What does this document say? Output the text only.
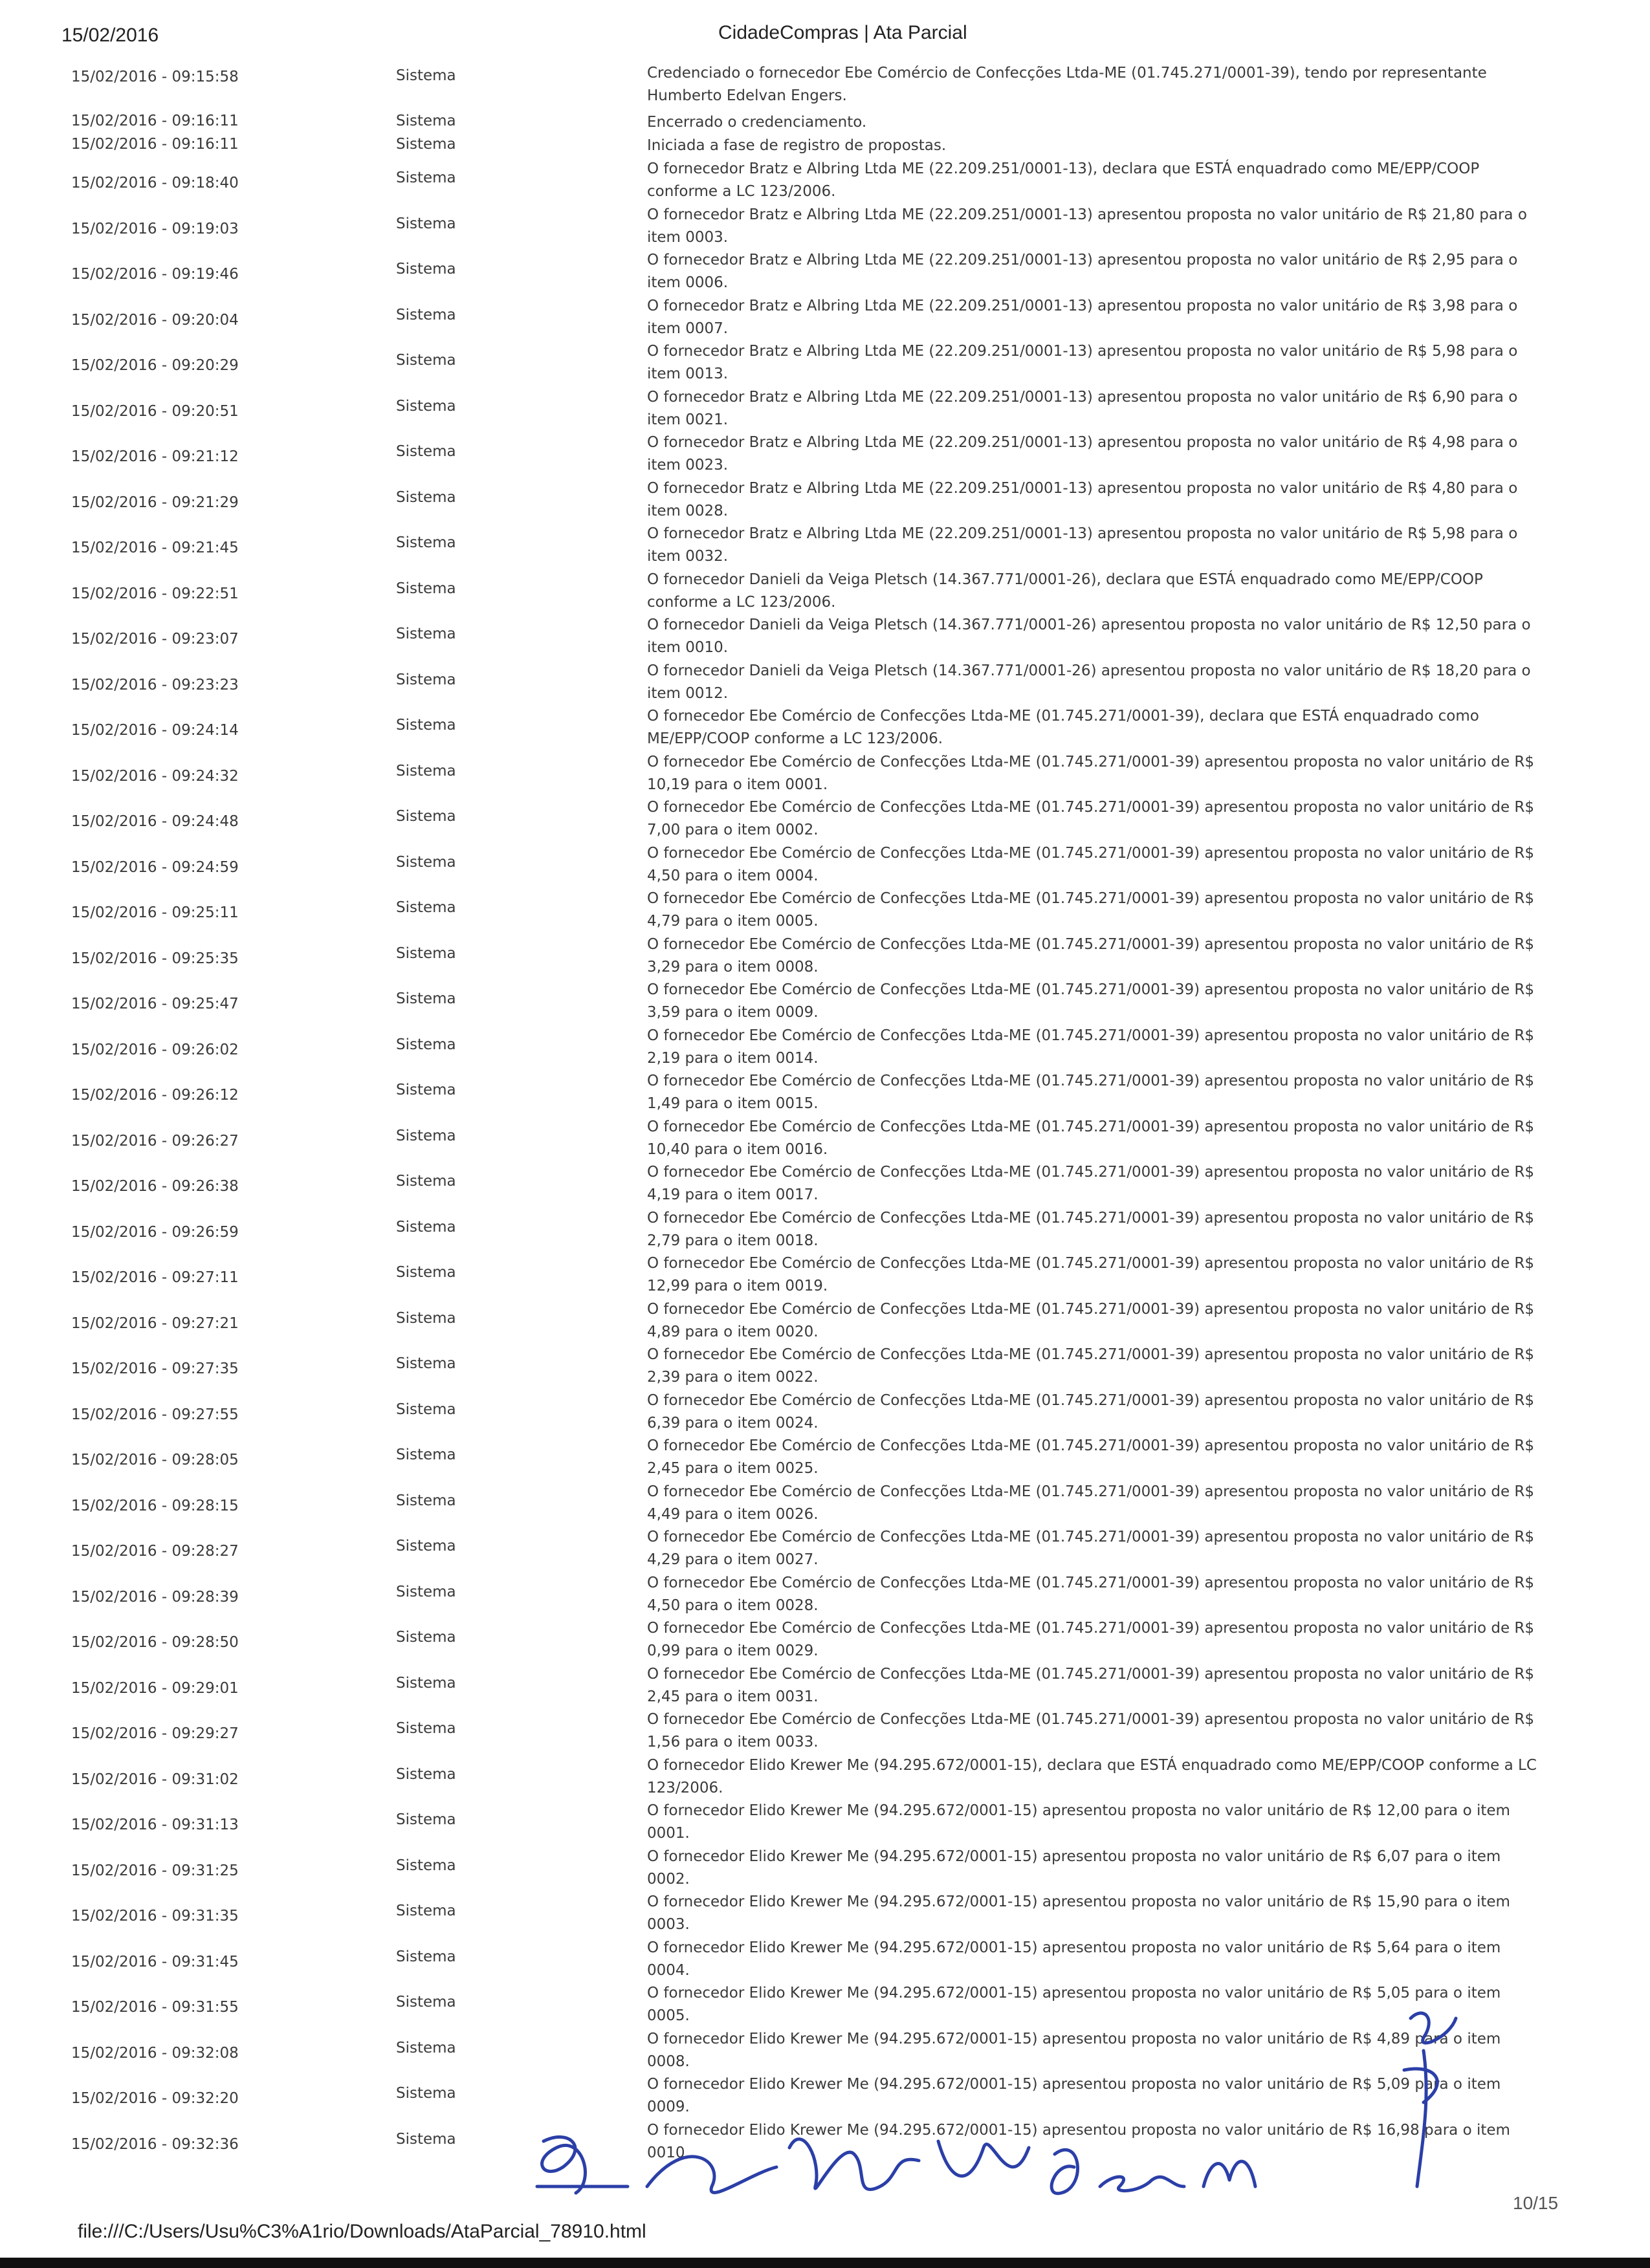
15/02/2016	CidadeCompras | Ata Parcial
15/02/2016 - 09:15:58	Sistema	Credenciado o fornecedor Ebe Comércio de Confecções Ltda-ME (01.745.271/0001-39), tendo por representante Humberto Edelvan Engers.
15/02/2016 - 09:16:11	Sistema	Encerrado o credenciamento.
15/02/2016 - 09:16:11	Sistema	Iniciada a fase de registro de propostas.
15/02/2016 - 09:18:40	Sistema
O fornecedor Bratz e Albring Ltda ME (22.209.251/0001-13), declara que ESTÁ enquadrado como ME/EPP/COOP conforme a LC 123/2006.
15/02/2016 - 09:19:03	Sistema
O fornecedor Bratz e Albring Ltda ME (22.209.251/0001-13) apresentou proposta no valor unitário de R$ 21,80 para o item 0003.
15/02/2016 - 09:19:46	Sistema
O fornecedor Bratz e Albring Ltda ME (22.209.251/0001-13) apresentou proposta no valor unitário de R$ 2,95 para o item 0006.
15/02/2016 - 09:20:04	Sistema
O fornecedor Bratz e Albring Ltda ME (22.209.251/0001-13) apresentou proposta no valor unitário de R$ 3,98 para o item 0007.
15/02/2016 - 09:20:29	Sistema
O fornecedor Bratz e Albring Ltda ME (22.209.251/0001-13) apresentou proposta no valor unitário de R$ 5,98 para o item 0013.
15/02/2016 - 09:20:51	Sistema
O fornecedor Bratz e Albring Ltda ME (22.209.251/0001-13) apresentou proposta no valor unitário de R$ 6,90 para o item 0021.
15/02/2016 - 09:21:12	Sistema
O fornecedor Bratz e Albring Ltda ME (22.209.251/0001-13) apresentou proposta no valor unitário de R$ 4,98 para o item 0023.
15/02/2016 - 09:21:29	Sistema
O fornecedor Bratz e Albring Ltda ME (22.209.251/0001-13) apresentou proposta no valor unitário de R$ 4,80 para o item 0028.
15/02/2016 - 09:21:45	Sistema
O fornecedor Bratz e Albring Ltda ME (22.209.251/0001-13) apresentou proposta no valor unitário de R$ 5,98 para o item 0032.
15/02/2016 - 09:22:51	Sistema
O fornecedor Danieli da Veiga Pletsch (14.367.771/0001-26), declara que ESTÁ enquadrado como ME/EPP/COOP conforme a LC 123/2006.
15/02/2016 - 09:23:07	Sistema
O fornecedor Danieli da Veiga Pletsch (14.367.771/0001-26) apresentou proposta no valor unitário de R$ 12,50 para o item 0010.
15/02/2016 - 09:23:23	Sistema
O fornecedor Danieli da Veiga Pletsch (14.367.771/0001-26) apresentou proposta no valor unitário de R$ 18,20 para o item 0012.
15/02/2016 - 09:24:14	Sistema
O fornecedor Ebe Comércio de Confecções Ltda-ME (01.745.271/0001-39), declara que ESTÁ enquadrado como ME/EPP/COOP conforme a LC 123/2006.
15/02/2016 - 09:24:32	Sistema
O fornecedor Ebe Comércio de Confecções Ltda-ME (01.745.271/0001-39) apresentou proposta no valor unitário de R$ 10,19 para o item 0001.
15/02/2016 - 09:24:48	Sistema
O fornecedor Ebe Comércio de Confecções Ltda-ME (01.745.271/0001-39) apresentou proposta no valor unitário de R$ 7,00 para o item 0002.
15/02/2016 - 09:24:59	Sistema
O fornecedor Ebe Comércio de Confecções Ltda-ME (01.745.271/0001-39) apresentou proposta no valor unitário de R$ 4,50 para o item 0004.
15/02/2016 - 09:25:11	Sistema
O fornecedor Ebe Comércio de Confecções Ltda-ME (01.745.271/0001-39) apresentou proposta no valor unitário de R$ 4,79 para o item 0005.
15/02/2016 - 09:25:35	Sistema
O fornecedor Ebe Comércio de Confecções Ltda-ME (01.745.271/0001-39) apresentou proposta no valor unitário de R$ 3,29 para o item 0008.
15/02/2016 - 09:25:47	Sistema
O fornecedor Ebe Comércio de Confecções Ltda-ME (01.745.271/0001-39) apresentou proposta no valor unitário de R$ 3,59 para o item 0009.
15/02/2016 - 09:26:02	Sistema
O fornecedor Ebe Comércio de Confecções Ltda-ME (01.745.271/0001-39) apresentou proposta no valor unitário de R$ 2,19 para o item 0014.
15/02/2016 - 09:26:12	Sistema
O fornecedor Ebe Comércio de Confecções Ltda-ME (01.745.271/0001-39) apresentou proposta no valor unitário de R$ 1,49 para o item 0015.
15/02/2016 - 09:26:27	Sistema
O fornecedor Ebe Comércio de Confecções Ltda-ME (01.745.271/0001-39) apresentou proposta no valor unitário de R$ 10,40 para o item 0016.
15/02/2016 - 09:26:38	Sistema
O fornecedor Ebe Comércio de Confecções Ltda-ME (01.745.271/0001-39) apresentou proposta no valor unitário de R$ 4,19 para o item 0017.
15/02/2016 - 09:26:59	Sistema
O fornecedor Ebe Comércio de Confecções Ltda-ME (01.745.271/0001-39) apresentou proposta no valor unitário de R$ 2,79 para o item 0018.
15/02/2016 - 09:27:11	Sistema
O fornecedor Ebe Comércio de Confecções Ltda-ME (01.745.271/0001-39) apresentou proposta no valor unitário de R$ 12,99 para o item 0019.
15/02/2016 - 09:27:21	Sistema
O fornecedor Ebe Comércio de Confecções Ltda-ME (01.745.271/0001-39) apresentou proposta no valor unitário de R$ 4,89 para o item 0020.
15/02/2016 - 09:27:35	Sistema
O fornecedor Ebe Comércio de Confecções Ltda-ME (01.745.271/0001-39) apresentou proposta no valor unitário de R$ 2,39 para o item 0022.
15/02/2016 - 09:27:55	Sistema
O fornecedor Ebe Comércio de Confecções Ltda-ME (01.745.271/0001-39) apresentou proposta no valor unitário de R$ 6,39 para o item 0024.
15/02/2016 - 09:28:05	Sistema
O fornecedor Ebe Comércio de Confecções Ltda-ME (01.745.271/0001-39) apresentou proposta no valor unitário de R$ 2,45 para o item 0025.
15/02/2016 - 09:28:15	Sistema
O fornecedor Ebe Comércio de Confecções Ltda-ME (01.745.271/0001-39) apresentou proposta no valor unitário de R$ 4,49 para o item 0026.
15/02/2016 - 09:28:27	Sistema
O fornecedor Ebe Comércio de Confecções Ltda-ME (01.745.271/0001-39) apresentou proposta no valor unitário de R$ 4,29 para o item 0027.
15/02/2016 - 09:28:39	Sistema
O fornecedor Ebe Comércio de Confecções Ltda-ME (01.745.271/0001-39) apresentou proposta no valor unitário de R$ 4,50 para o item 0028.
15/02/2016 - 09:28:50	Sistema
O fornecedor Ebe Comércio de Confecções Ltda-ME (01.745.271/0001-39) apresentou proposta no valor unitário de R$ 0,99 para o item 0029.
15/02/2016 - 09:29:01	Sistema
O fornecedor Ebe Comércio de Confecções Ltda-ME (01.745.271/0001-39) apresentou proposta no valor unitário de R$ 2,45 para o item 0031.
15/02/2016 - 09:29:27	Sistema
O fornecedor Ebe Comércio de Confecções Ltda-ME (01.745.271/0001-39) apresentou proposta no valor unitário de R$ 1,56 para o item 0033.
15/02/2016 - 09:31:02	Sistema
O fornecedor Elido Krewer Me (94.295.672/0001-15), declara que ESTÁ enquadrado como ME/EPP/COOP conforme a LC 123/2006.
15/02/2016 - 09:31:13	Sistema
O fornecedor Elido Krewer Me (94.295.672/0001-15) apresentou proposta no valor unitário de R$ 12,00 para o item 0001.
15/02/2016 - 09:31:25	Sistema
O fornecedor Elido Krewer Me (94.295.672/0001-15) apresentou proposta no valor unitário de R$ 6,07 para o item 0002.
15/02/2016 - 09:31:35	Sistema
O fornecedor Elido Krewer Me (94.295.672/0001-15) apresentou proposta no valor unitário de R$ 15,90 para o item 0003.
15/02/2016 - 09:31:45	Sistema
O fornecedor Elido Krewer Me (94.295.672/0001-15) apresentou proposta no valor unitário de R$ 5,64 para o item 0004.
15/02/2016 - 09:31:55	Sistema
O fornecedor Elido Krewer Me (94.295.672/0001-15) apresentou proposta no valor unitário de R$ 5,05 para o item 0005.
15/02/2016 - 09:32:08	Sistema
O fornecedor Elido Krewer Me (94.295.672/0001-15) apresentou proposta no valor unitário de R$ 4,89 para o item 0008.
15/02/2016 - 09:32:20	Sistema
O fornecedor Elido Krewer Me (94.295.672/0001-15) apresentou proposta no valor unitário de R$ 5,09 para o item 0009.
15/02/2016 - 09:32:36	Sistema
O fornecedor Elido Krewer Me (94.295.672/0001-15) apresentou proposta no valor unitário de R$ 16,98 para o item 0010.
10/15
file:///C:/Users/Usu%C3%A1rio/Downloads/AtaParcial_78910.html
